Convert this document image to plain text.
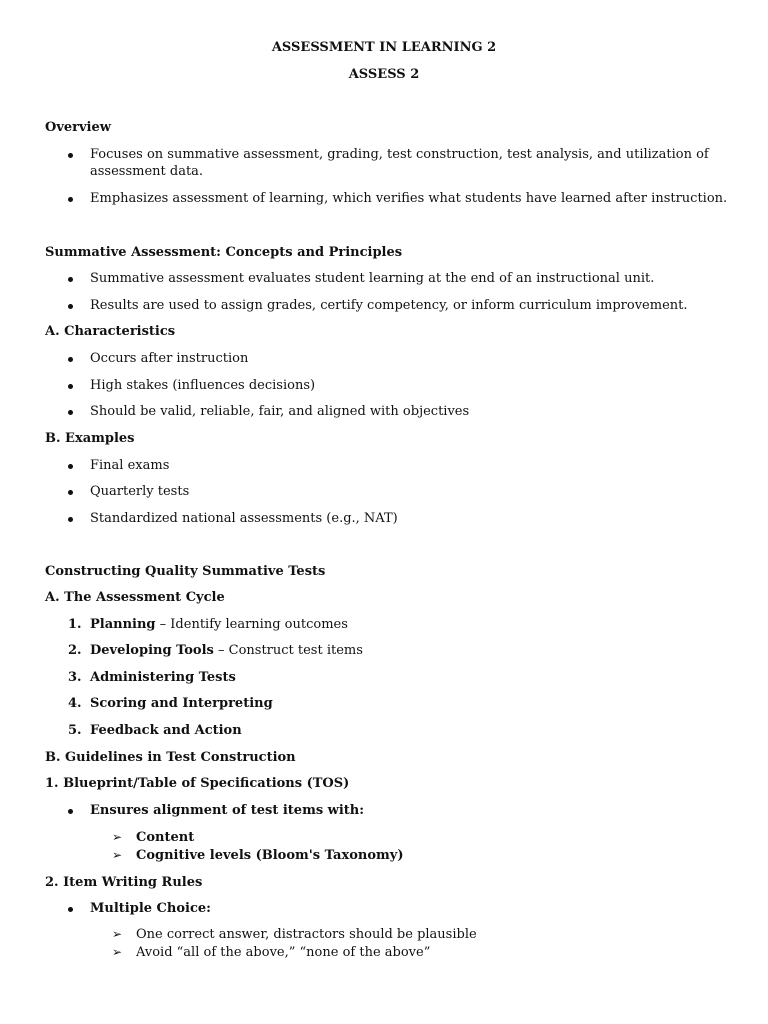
ASSESSMENT IN LEARNING 2
ASSESS 2
Overview
Focuses on summative assessment, grading, test construction, test analysis, and utilization of assessment data.
Emphasizes assessment of learning, which verifies what students have learned after instruction.
Summative Assessment: Concepts and Principles
Summative assessment evaluates student learning at the end of an instructional unit.
Results are used to assign grades, certify competency, or inform curriculum improvement.
A. Characteristics
Occurs after instruction
High stakes (influences decisions)
Should be valid, reliable, fair, and aligned with objectives
B. Examples
Final exams
Quarterly tests
Standardized national assessments (e.g., NAT)
Constructing Quality Summative Tests
A. The Assessment Cycle
1. Planning – Identify learning outcomes
2. Developing Tools – Construct test items
3. Administering Tests
4. Scoring and Interpreting
5. Feedback and Action
B. Guidelines in Test Construction
1. Blueprint/Table of Specifications (TOS)
Ensures alignment of test items with:
➢	Content
➢	Cognitive levels (Bloom's Taxonomy)
2. Item Writing Rules
Multiple Choice:
➢	One correct answer, distractors should be plausible
➢	Avoid “all of the above,” “none of the above”
